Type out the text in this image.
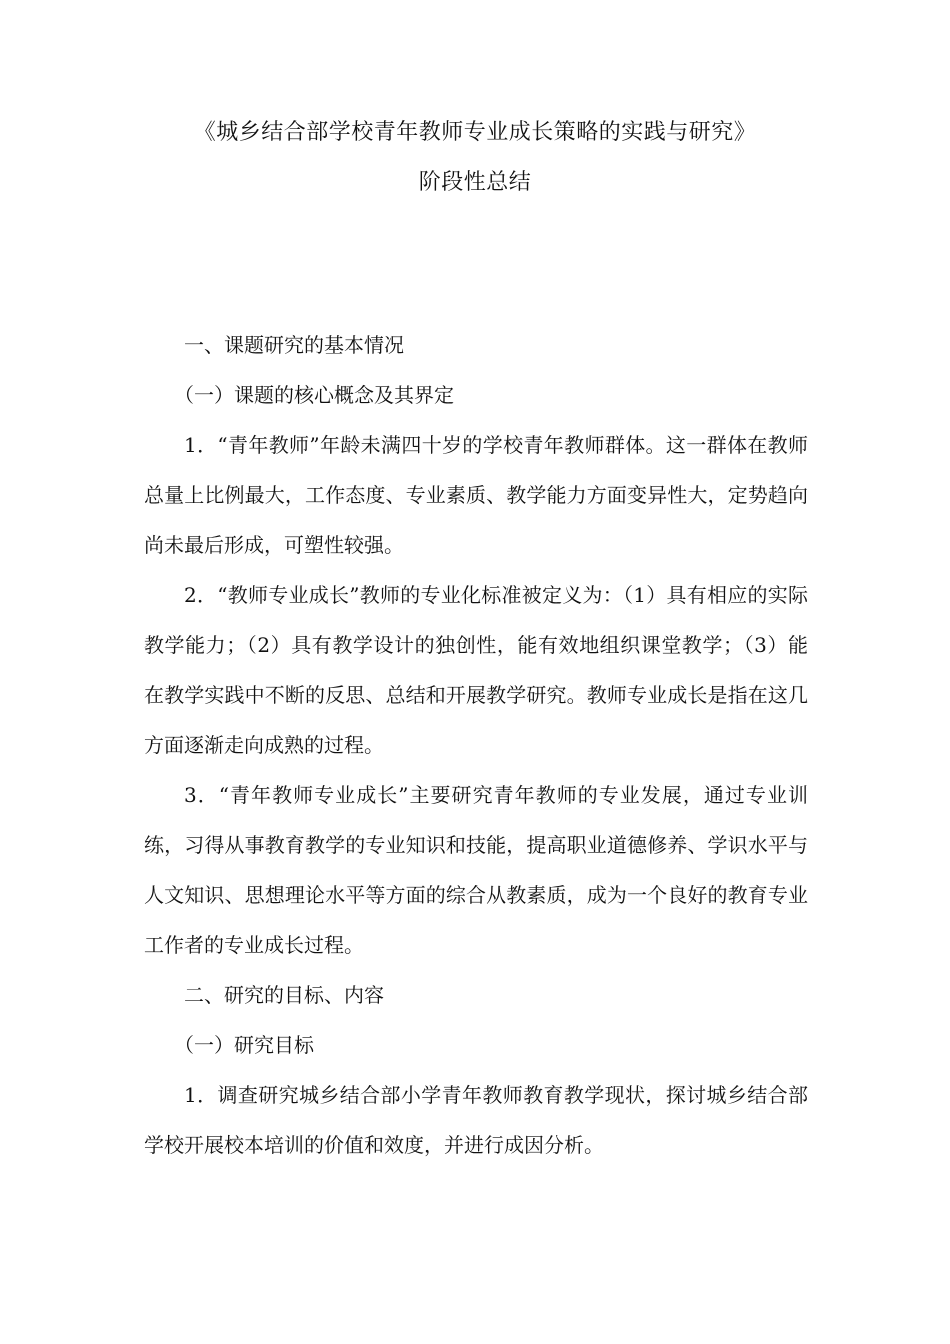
《城乡结合部学校青年教师专业成长策略的实践与研究》
阶段性总结

一、课题研究的基本情况

（一）课题的核心概念及其界定

1．“青年教师”年龄未满四十岁的学校青年教师群体。这一群体在教师总量上比例最大，工作态度、专业素质、教学能力方面变异性大，定势趋向尚未最后形成，可塑性较强。

2．“教师专业成长”教师的专业化标准被定义为：（1）具有相应的实际教学能力；（2）具有教学设计的独创性，能有效地组织课堂教学；（3）能在教学实践中不断的反思、总结和开展教学研究。教师专业成长是指在这几方面逐渐走向成熟的过程。

3．“青年教师专业成长”主要研究青年教师的专业发展，通过专业训练，习得从事教育教学的专业知识和技能，提高职业道德修养、学识水平与人文知识、思想理论水平等方面的综合从教素质，成为一个良好的教育专业工作者的专业成长过程。

二、研究的目标、内容

（一）研究目标

1．调查研究城乡结合部小学青年教师教育教学现状，探讨城乡结合部学校开展校本培训的价值和效度，并进行成因分析。
